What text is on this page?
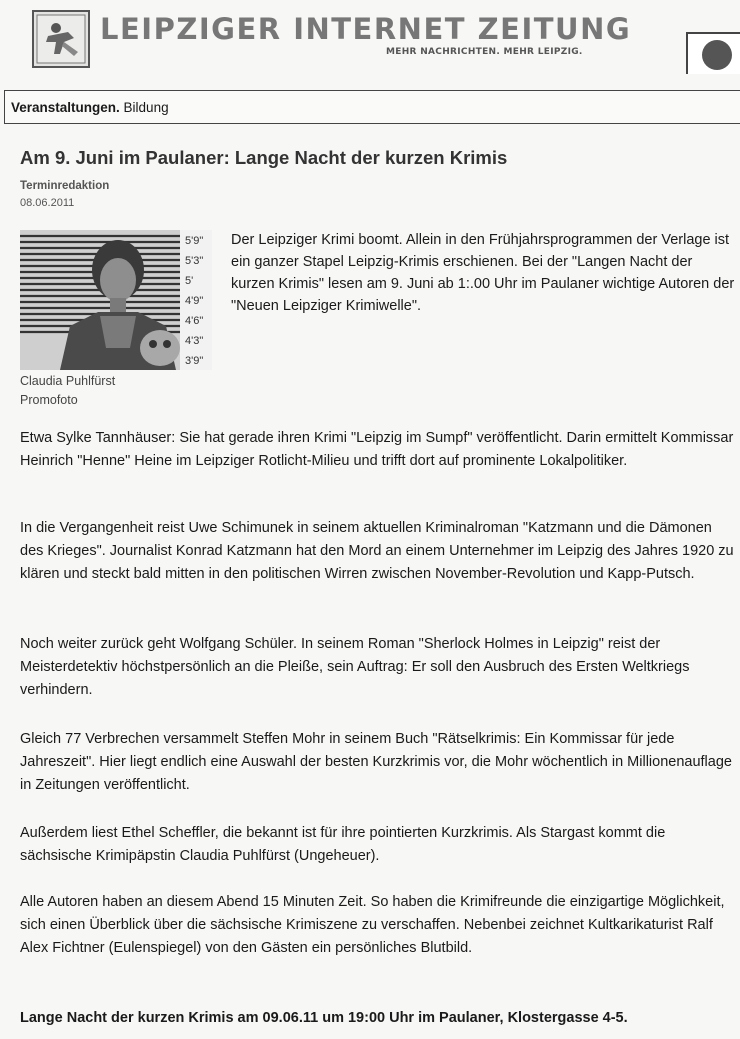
LEIPZIGER INTERNET ZEITUNG
MEHR NACHRICHTEN. MEHR LEIPZIG.
Veranstaltungen. Bildung
Am 9. Juni im Paulaner: Lange Nacht der kurzen Krimis
Terminredaktion
08.06.2011
5'9"
5'3"
5'
4'9"
4'6"
4'3"
3'9"
Claudia Puhlfürst
Promofoto

Der Leipziger Krimi boomt. Allein in den Frühjahrsprogrammen der Verlage ist ein ganzer Stapel Leipzig-Krimis erschienen. Bei der "Langen Nacht der kurzen Krimis" lesen am 9. Juni ab 1:.00 Uhr im Paulaner wichtige Autoren der "Neuen Leipziger Krimiwelle".

Etwa Sylke Tannhäuser: Sie hat gerade ihren Krimi "Leipzig im Sumpf" veröffentlicht. Darin ermittelt Kommissar Heinrich "Henne" Heine im Leipziger Rotlicht-Milieu und trifft dort auf prominente Lokalpolitiker.

In die Vergangenheit reist Uwe Schimunek in seinem aktuellen Kriminalroman "Katzmann und die Dämonen des Krieges". Journalist Konrad Katzmann hat den Mord an einem Unternehmer im Leipzig des Jahres 1920 zu klären und steckt bald mitten in den politischen Wirren zwischen November-Revolution und Kapp-Putsch.

Noch weiter zurück geht Wolfgang Schüler. In seinem Roman "Sherlock Holmes in Leipzig" reist der Meisterdetektiv höchstpersönlich an die Pleiße, sein Auftrag: Er soll den Ausbruch des Ersten Weltkriegs verhindern.

Gleich 77 Verbrechen versammelt Steffen Mohr in seinem Buch "Rätselkrimis: Ein Kommissar für jede Jahreszeit". Hier liegt endlich eine Auswahl der besten Kurzkrimis vor, die Mohr wöchentlich in Millionenauflage in Zeitungen veröffentlicht.

Außerdem liest Ethel Scheffler, die bekannt ist für ihre pointierten Kurzkrimis. Als Stargast kommt die sächsische Krimipäpstin Claudia Puhlfürst (Ungeheuer).

Alle Autoren haben an diesem Abend 15 Minuten Zeit. So haben die Krimifreunde die einzigartige Möglichkeit, sich einen Überblick über die sächsische Krimiszene zu verschaffen. Nebenbei zeichnet Kultkarikaturist Ralf Alex Fichtner (Eulenspiegel) von den Gästen ein persönliches Blutbild.

Lange Nacht der kurzen Krimis am 09.06.11 um 19:00 Uhr im Paulaner, Klostergasse 4-5.
